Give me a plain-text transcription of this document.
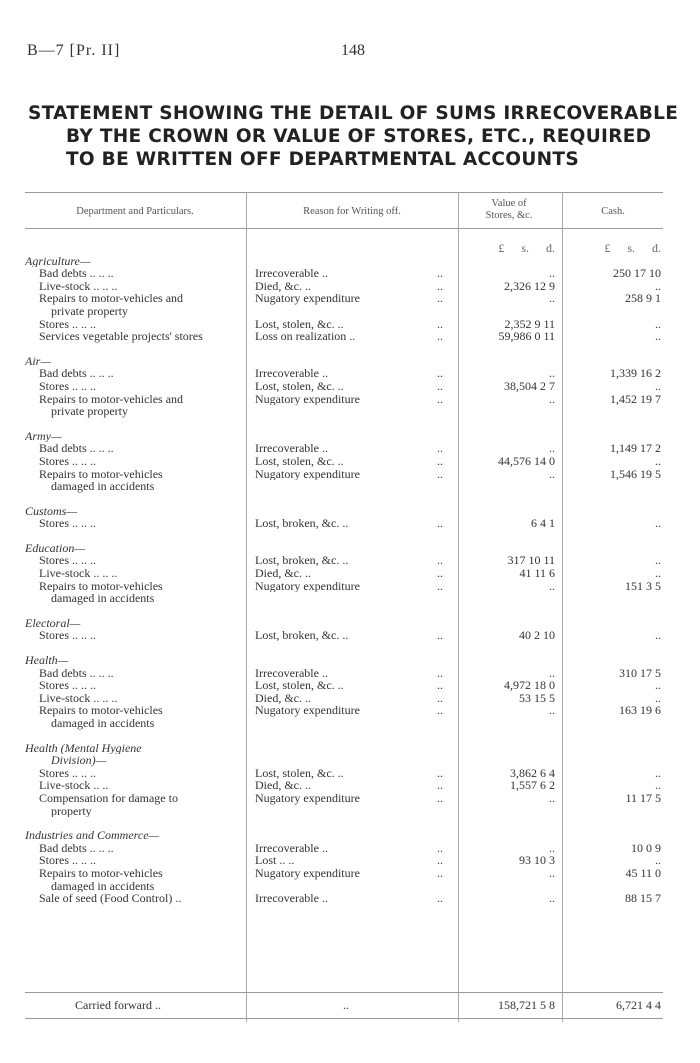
B—7 [Pr. II]	148
STATEMENT SHOWING THE DETAIL OF SUMS IRRECOVERABLE
BY THE CROWN OR VALUE OF STORES, ETC., REQUIRED
TO BE WRITTEN OFF DEPARTMENTAL ACCOUNTS
Department and Particulars.	Reason for Writing off.
Value of
Stores, &c.	Cash.
£ s. d.	£ s. d.
Agriculture—
Bad debts .. .. ..	Irrecoverable ..	..	..	250 17 10
Live-stock .. .. ..	Died, &c. ..	..	2,326 12 9	..
Repairs to motor-vehicles and	Nugatory expenditure	..	..	258 9 1
private property
Stores .. .. ..	Lost, stolen, &c. ..	..	2,352 9 11	..
Services vegetable projects' stores	Loss on realization ..	..	59,986 0 11	..
Air—
Bad debts .. .. ..	Irrecoverable ..	..	..	1,339 16 2
Stores .. .. ..	Lost, stolen, &c. ..	..	38,504 2 7	..
Repairs to motor-vehicles and	Nugatory expenditure	..	..	1,452 19 7
private property
Army—
Bad debts .. .. ..	Irrecoverable ..	..	..	1,149 17 2
Stores .. .. ..	Lost, stolen, &c. ..	..	44,576 14 0	..
Repairs to motor-vehicles	Nugatory expenditure	..	..	1,546 19 5
damaged in accidents
Customs—
Stores .. .. ..	Lost, broken, &c. ..	..	6 4 1	..
Education—
Stores .. .. ..	Lost, broken, &c. ..	..	317 10 11	..
Live-stock .. .. ..	Died, &c. ..	..	41 11 6	..
Repairs to motor-vehicles	Nugatory expenditure	..	..	151 3 5
damaged in accidents
Electoral—
Stores .. .. ..	Lost, broken, &c. ..	..	40 2 10	..
Health—
Bad debts .. .. ..	Irrecoverable ..	..	..	310 17 5
Stores .. .. ..	Lost, stolen, &c. ..	..	4,972 18 0	..
Live-stock .. .. ..	Died, &c. ..	..	53 15 5	..
Repairs to motor-vehicles	Nugatory expenditure	..	..	163 19 6
damaged in accidents
Health (Mental Hygiene
Division)—
Stores .. .. ..	Lost, stolen, &c. ..	..	3,862 6 4	..
Live-stock .. ..	Died, &c. ..	..	1,557 6 2	..
Compensation for damage to	Nugatory expenditure	..	..	11 17 5
property
Industries and Commerce—
Bad debts .. .. ..	Irrecoverable ..	..	..	10 0 9
Stores .. .. ..	Lost .. ..	..	93 10 3	..
Repairs to motor-vehicles	Nugatory expenditure	..	..	45 11 0
damaged in accidents
Sale of seed (Food Control) ..	Irrecoverable ..	..	..	88 15 7
Carried forward ..	..	158,721 5 8	6,721 4 4
